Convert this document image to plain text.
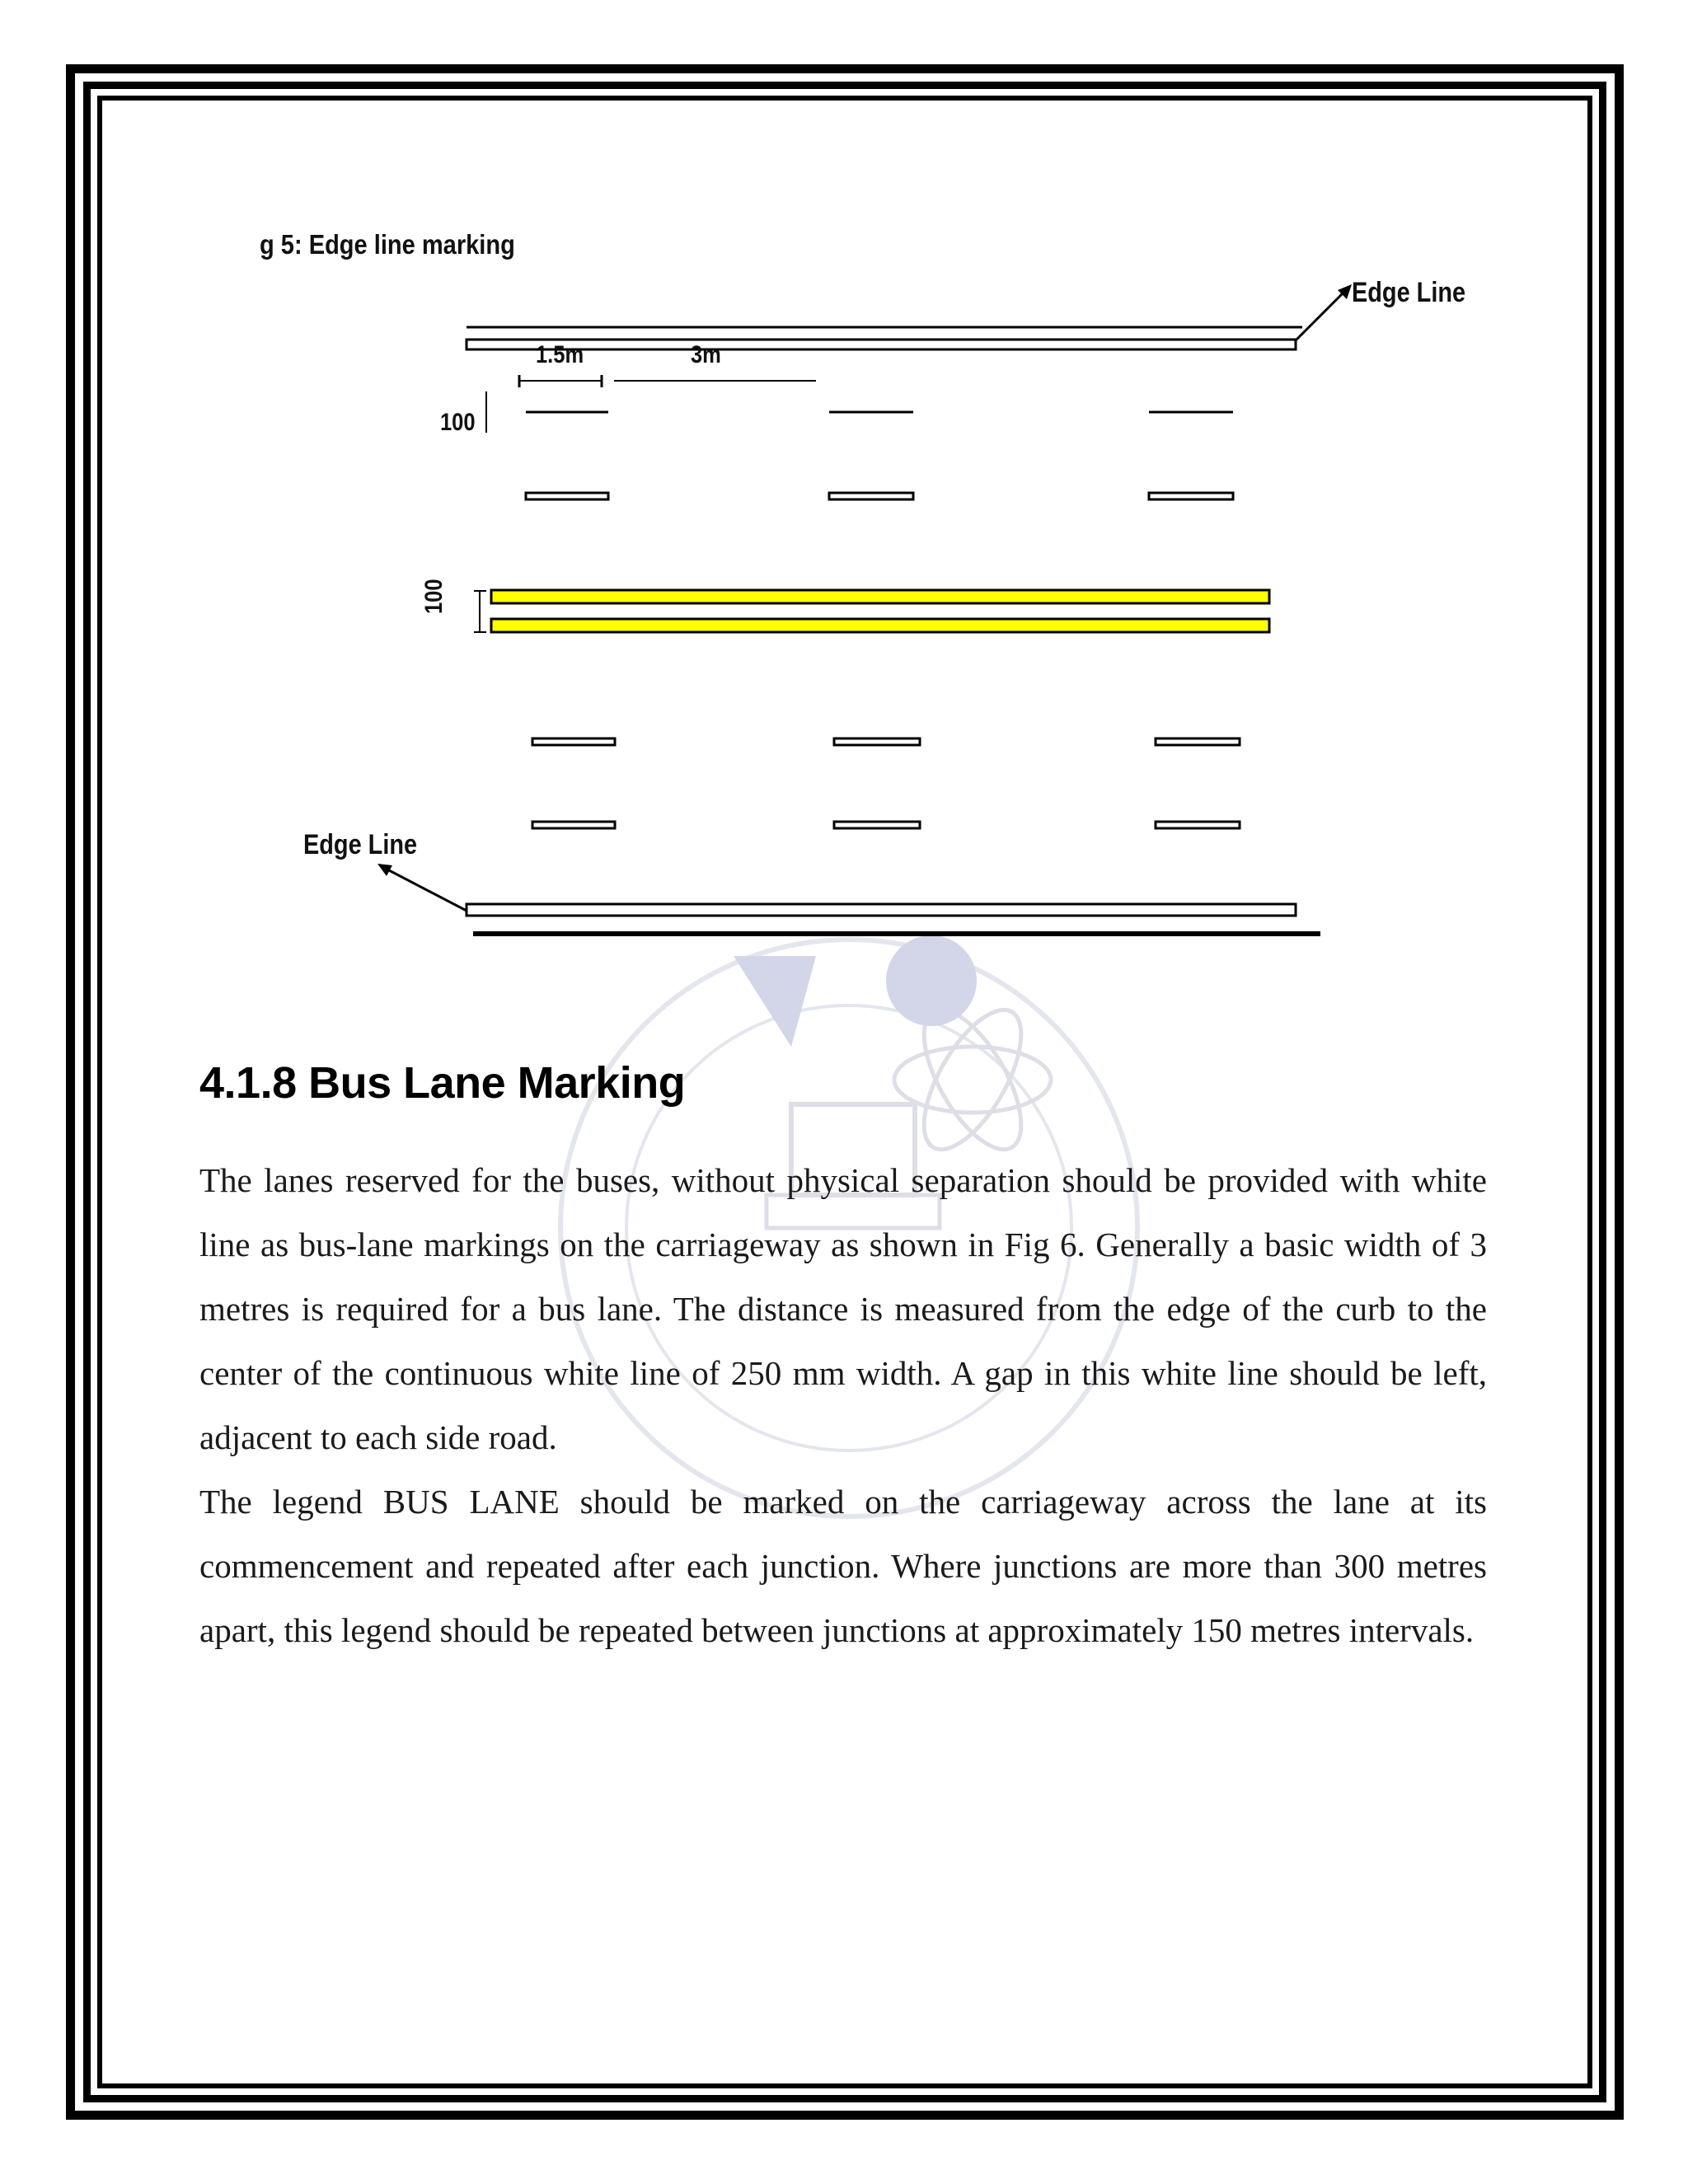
g 5: Edge line marking
Edge Line
Edge Line
1.5m	3m
100
100
4.1.8 Bus Lane Marking

The lanes reserved for the buses, without physical separation should be provided with white line as bus-lane markings on the carriageway as shown in Fig 6. Generally a basic width of 3 metres is required for a bus lane. The distance is measured from the edge of the curb to the center of the continuous white line of 250 mm width. A gap in this white line should be left, adjacent to each side road.

The legend BUS LANE should be marked on the carriageway across the lane at its commencement and repeated after each junction. Where junctions are more than 300 metres apart, this legend should be repeated between junctions at approximately 150 metres intervals.
